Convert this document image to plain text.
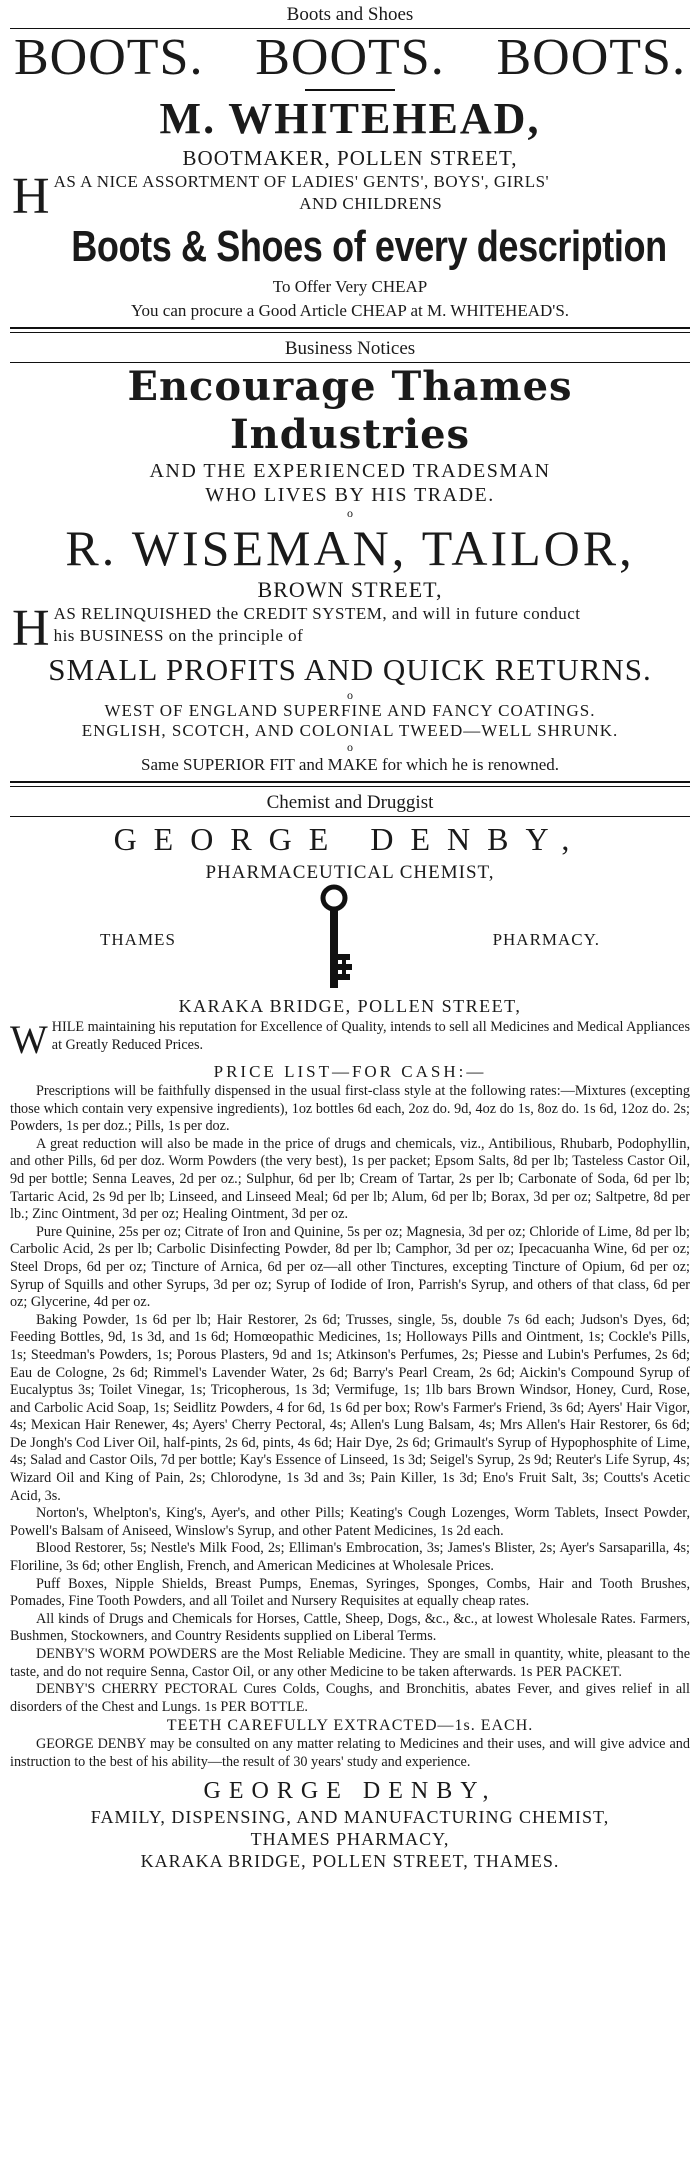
Boots and Shoes
BOOTS. BOOTS. BOOTS.
M. WHITEHEAD,
BOOTMAKER, POLLEN STREET,
H AS A NICE ASSORTMENT OF LADIES' GENTS', BOYS', GIRLS'
AND CHILDRENS
Boots & Shoes of every description
To Offer Very CHEAP
You can procure a Good Article CHEAP at M. WHITEHEAD'S.
Business Notices
Encourage Thames Industries
AND THE EXPERIENCED TRADESMAN
WHO LIVES BY HIS TRADE.
o
R. WISEMAN, TAILOR,
BROWN STREET,
H AS RELINQUISHED the CREDIT SYSTEM, and will in future conduct
his BUSINESS on the principle of
SMALL PROFITS AND QUICK RETURNS.
o
WEST OF ENGLAND SUPERFINE AND FANCY COATINGS.
ENGLISH, SCOTCH, AND COLONIAL TWEED—WELL SHRUNK.
o
Same SUPERIOR FIT and MAKE for which he is renowned.
Chemist and Druggist
GEORGE DENBY,
PHARMACEUTICAL CHEMIST,
THAMES	PHARMACY.
KARAKA BRIDGE, POLLEN STREET,
W HILE maintaining his reputation for Excellence of Quality, intends to sell all Medicines and Medical Appliances at Greatly Reduced Prices.

PRICE LIST—FOR CASH:—

Prescriptions will be faithfully dispensed in the usual first-class style at the following rates:—Mixtures (excepting those which contain very expensive ingredients), 1oz bottles 6d each, 2oz do. 9d, 4oz do 1s, 8oz do. 1s 6d, 12oz do. 2s; Powders, 1s per doz.; Pills, 1s per doz.

A great reduction will also be made in the price of drugs and chemicals, viz., Antibilious, Rhubarb, Podophyllin, and other Pills, 6d per doz. Worm Powders (the very best), 1s per packet; Epsom Salts, 8d per lb; Tasteless Castor Oil, 9d per bottle; Senna Leaves, 2d per oz.; Sulphur, 6d per lb; Cream of Tartar, 2s per lb; Carbonate of Soda, 6d per lb; Tartaric Acid, 2s 9d per lb; Linseed, and Linseed Meal; 6d per lb; Alum, 6d per lb; Borax, 3d per oz; Saltpetre, 8d per lb.; Zinc Ointment, 3d per oz; Healing Ointment, 3d per oz.

Pure Quinine, 25s per oz; Citrate of Iron and Quinine, 5s per oz; Magnesia, 3d per oz; Chloride of Lime, 8d per lb; Carbolic Acid, 2s per lb; Carbolic Disinfecting Powder, 8d per lb; Camphor, 3d per oz; Ipecacuanha Wine, 6d per oz; Steel Drops, 6d per oz; Tincture of Arnica, 6d per oz—all other Tinctures, excepting Tincture of Opium, 6d per oz; Syrup of Squills and other Syrups, 3d per oz; Syrup of Iodide of Iron, Parrish's Syrup, and others of that class, 6d per oz; Glycerine, 4d per oz.

Baking Powder, 1s 6d per lb; Hair Restorer, 2s 6d; Trusses, single, 5s, double 7s 6d each; Judson's Dyes, 6d; Feeding Bottles, 9d, 1s 3d, and 1s 6d; Homœopathic Medicines, 1s; Holloways Pills and Ointment, 1s; Cockle's Pills, 1s; Steedman's Powders, 1s; Porous Plasters, 9d and 1s; Atkinson's Perfumes, 2s; Piesse and Lubin's Perfumes, 2s 6d; Eau de Cologne, 2s 6d; Rimmel's Lavender Water, 2s 6d; Barry's Pearl Cream, 2s 6d; Aickin's Compound Syrup of Eucalyptus 3s; Toilet Vinegar, 1s; Tricopherous, 1s 3d; Vermifuge, 1s; 1lb bars Brown Windsor, Honey, Curd, Rose, and Carbolic Acid Soap, 1s; Seidlitz Powders, 4 for 6d, 1s 6d per box; Row's Farmer's Friend, 3s 6d; Ayers' Hair Vigor, 4s; Mexican Hair Renewer, 4s; Ayers' Cherry Pectoral, 4s; Allen's Lung Balsam, 4s; Mrs Allen's Hair Restorer, 6s 6d; De Jongh's Cod Liver Oil, half-pints, 2s 6d, pints, 4s 6d; Hair Dye, 2s 6d; Grimault's Syrup of Hypophosphite of Lime, 4s; Salad and Castor Oils, 7d per bottle; Kay's Essence of Linseed, 1s 3d; Seigel's Syrup, 2s 9d; Reuter's Life Syrup, 4s; Wizard Oil and King of Pain, 2s; Chlorodyne, 1s 3d and 3s; Pain Killer, 1s 3d; Eno's Fruit Salt, 3s; Coutts's Acetic Acid, 3s.

Norton's, Whelpton's, King's, Ayer's, and other Pills; Keating's Cough Lozenges, Worm Tablets, Insect Powder, Powell's Balsam of Aniseed, Winslow's Syrup, and other Patent Medicines, 1s 2d each.

Blood Restorer, 5s; Nestle's Milk Food, 2s; Elliman's Embrocation, 3s; James's Blister, 2s; Ayer's Sarsaparilla, 4s; Floriline, 3s 6d; other English, French, and American Medicines at Wholesale Prices.

Puff Boxes, Nipple Shields, Breast Pumps, Enemas, Syringes, Sponges, Combs, Hair and Tooth Brushes, Pomades, Fine Tooth Powders, and all Toilet and Nursery Requisites at equally cheap rates.

All kinds of Drugs and Chemicals for Horses, Cattle, Sheep, Dogs, &c., &c., at lowest Wholesale Rates. Farmers, Bushmen, Stockowners, and Country Residents supplied on Liberal Terms.

DENBY'S WORM POWDERS are the Most Reliable Medicine. They are small in quantity, white, pleasant to the taste, and do not require Senna, Castor Oil, or any other Medicine to be taken afterwards. 1s PER PACKET.

DENBY'S CHERRY PECTORAL Cures Colds, Coughs, and Bronchitis, abates Fever, and gives relief in all disorders of the Chest and Lungs. 1s PER BOTTLE.

TEETH CAREFULLY EXTRACTED—1s. EACH.

GEORGE DENBY may be consulted on any matter relating to Medicines and their uses, and will give advice and instruction to the best of his ability—the result of 30 years' study and experience.

GEORGE DENBY,
FAMILY, DISPENSING, AND MANUFACTURING CHEMIST,
THAMES PHARMACY,
KARAKA BRIDGE, POLLEN STREET, THAMES.
